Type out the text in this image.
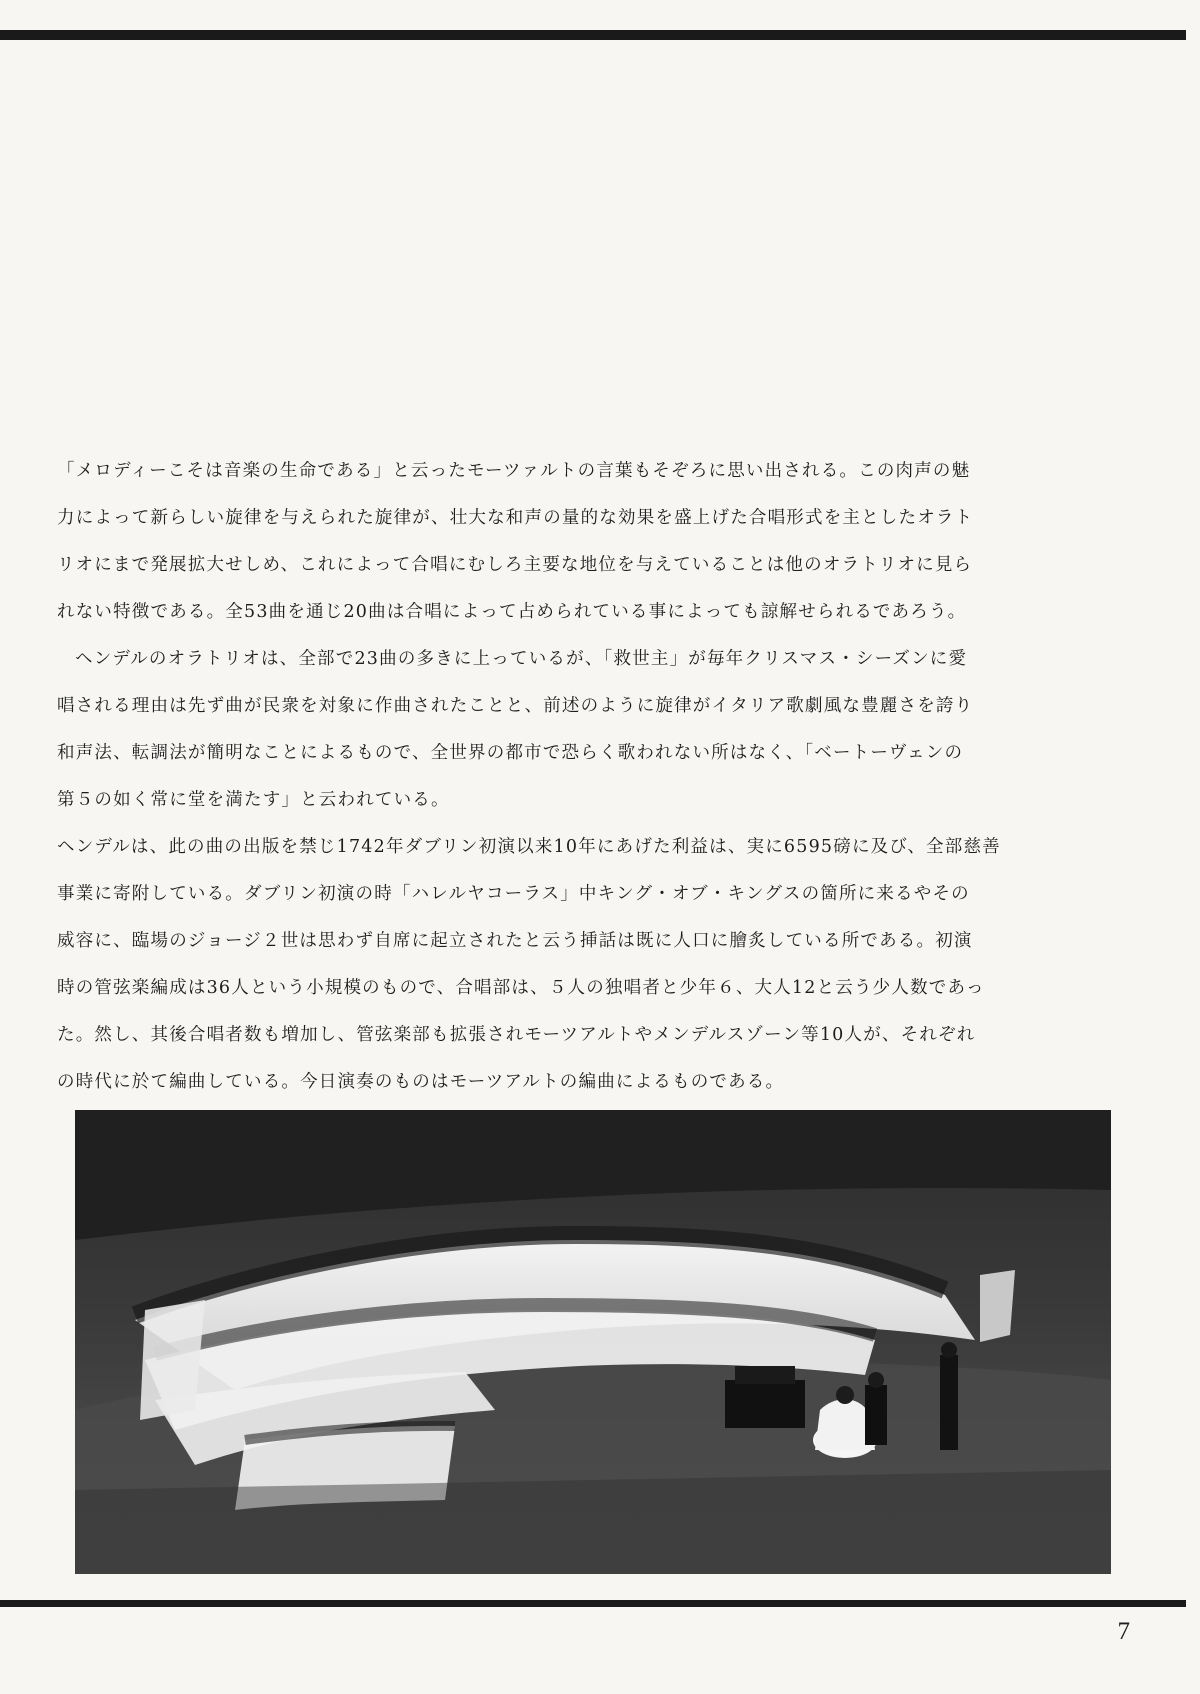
「メロディーこそは音楽の生命である」と云ったモーツァルトの言葉もそぞろに思い出される。この肉声の魅
力によって新らしい旋律を与えられた旋律が、壮大な和声の量的な効果を盛上げた合唱形式を主としたオラト
リオにまで発展拡大せしめ、これによって合唱にむしろ主要な地位を与えていることは他のオラトリオに見ら
れない特徴である。全53曲を通じ20曲は合唱によって占められている事によっても諒解せられるであろう。
ヘンデルのオラトリオは、全部で23曲の多きに上っているが、「救世主」が毎年クリスマス・シーズンに愛
唱される理由は先ず曲が民衆を対象に作曲されたことと、前述のように旋律がイタリア歌劇風な豊麗さを誇り
和声法、転調法が簡明なことによるもので、全世界の都市で恐らく歌われない所はなく、「ベートーヴェンの
第５の如く常に堂を満たす」と云われている。
ヘンデルは、此の曲の出版を禁じ1742年ダブリン初演以来10年にあげた利益は、実に6595磅に及び、全部慈善
事業に寄附している。ダブリン初演の時「ハレルヤコーラス」中キング・オブ・キングスの箇所に来るやその
威容に、臨場のジョージ２世は思わず自席に起立されたと云う挿話は既に人口に膾炙している所である。初演
時の管弦楽編成は36人という小規模のもので、合唱部は、５人の独唱者と少年６、大人12と云う少人数であっ
た。然し、其後合唱者数も増加し、管弦楽部も拡張されモーツアルトやメンデルスゾーン等10人が、それぞれ
の時代に於て編曲している。今日演奏のものはモーツアルトの編曲によるものである。
7
